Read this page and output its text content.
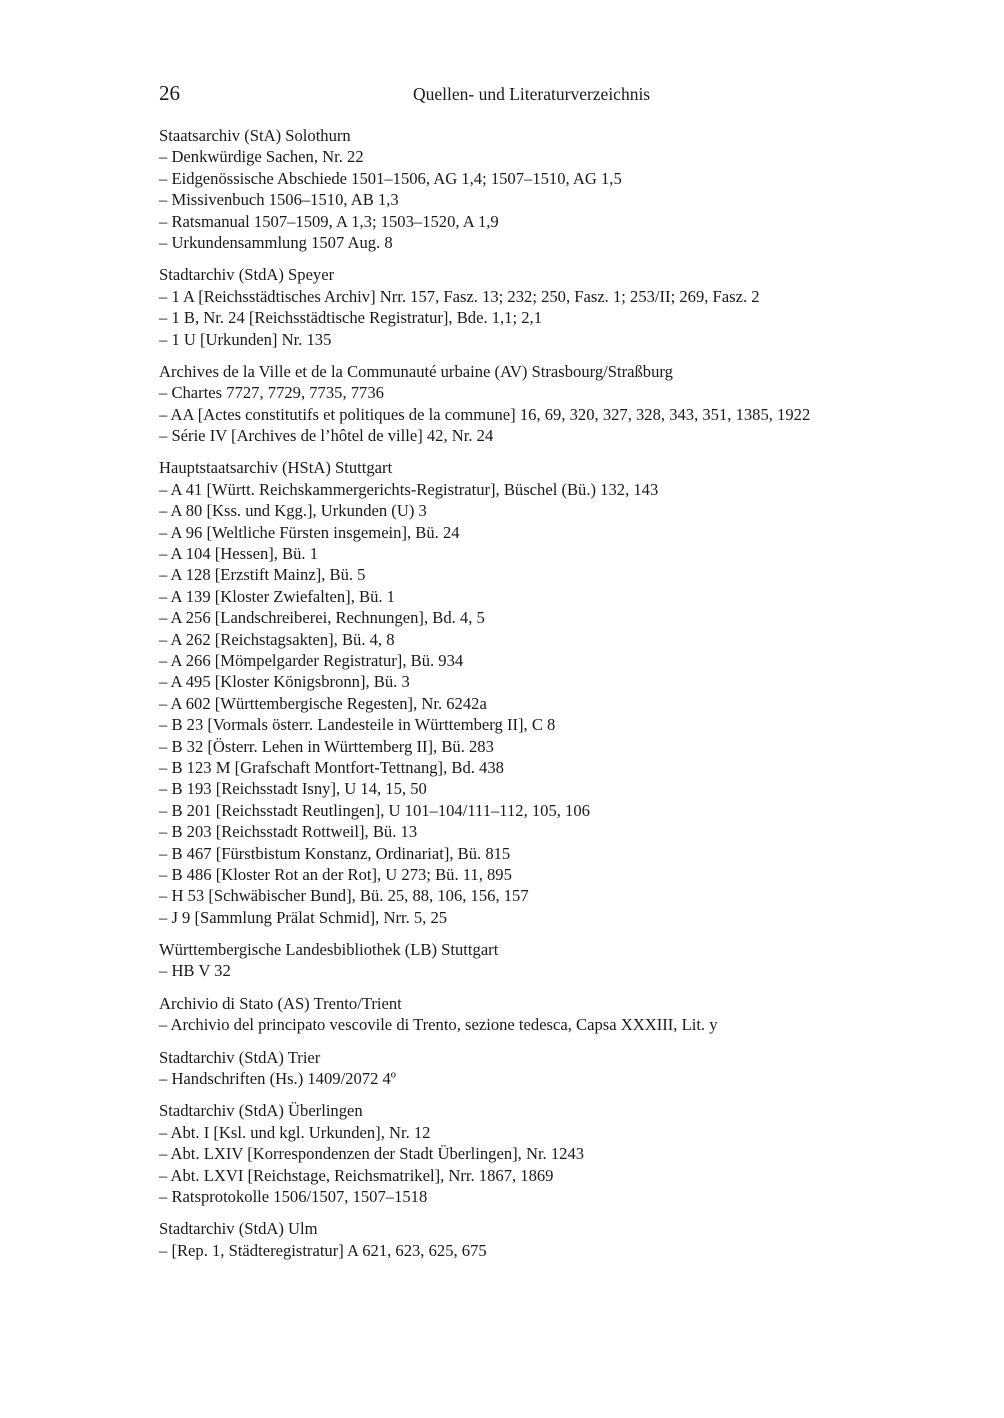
26	Quellen- und Literaturverzeichnis
Staatsarchiv (StA) Solothurn
– Denkwürdige Sachen, Nr. 22
– Eidgenössische Abschiede 1501–1506, AG 1,4; 1507–1510, AG 1,5
– Missivenbuch 1506–1510, AB 1,3
– Ratsmanual 1507–1509, A 1,3; 1503–1520, A 1,9
– Urkundensammlung 1507 Aug. 8
Stadtarchiv (StdA) Speyer
– 1 A [Reichsstädtisches Archiv] Nrr. 157, Fasz. 13; 232; 250, Fasz. 1; 253/II; 269, Fasz. 2
– 1 B, Nr. 24 [Reichsstädtische Registratur], Bde. 1,1; 2,1
– 1 U [Urkunden] Nr. 135
Archives de la Ville et de la Communauté urbaine (AV) Strasbourg/Straßburg
– Chartes 7727, 7729, 7735, 7736
– AA [Actes constitutifs et politiques de la commune] 16, 69, 320, 327, 328, 343, 351, 1385, 1922
– Série IV [Archives de l’hôtel de ville] 42, Nr. 24
Hauptstaatsarchiv (HStA) Stuttgart
– A 41 [Württ. Reichskammergerichts-Registratur], Büschel (Bü.) 132, 143
– A 80 [Kss. und Kgg.], Urkunden (U) 3
– A 96 [Weltliche Fürsten insgemein], Bü. 24
– A 104 [Hessen], Bü. 1
– A 128 [Erzstift Mainz], Bü. 5
– A 139 [Kloster Zwiefalten], Bü. 1
– A 256 [Landschreiberei, Rechnungen], Bd. 4, 5
– A 262 [Reichstagsakten], Bü. 4, 8
– A 266 [Mömpelgarder Registratur], Bü. 934
– A 495 [Kloster Königsbronn], Bü. 3
– A 602 [Württembergische Regesten], Nr. 6242a
– B 23 [Vormals österr. Landesteile in Württemberg II], C 8
– B 32 [Österr. Lehen in Württemberg II], Bü. 283
– B 123 M [Grafschaft Montfort-Tettnang], Bd. 438
– B 193 [Reichsstadt Isny], U 14, 15, 50
– B 201 [Reichsstadt Reutlingen], U 101–104/111–112, 105, 106
– B 203 [Reichsstadt Rottweil], Bü. 13
– B 467 [Fürstbistum Konstanz, Ordinariat], Bü. 815
– B 486 [Kloster Rot an der Rot], U 273; Bü. 11, 895
– H 53 [Schwäbischer Bund], Bü. 25, 88, 106, 156, 157
– J 9 [Sammlung Prälat Schmid], Nrr. 5, 25
Württembergische Landesbibliothek (LB) Stuttgart
– HB V 32
Archivio di Stato (AS) Trento/Trient
– Archivio del principato vescovile di Trento, sezione tedesca, Capsa XXXIII, Lit. y
Stadtarchiv (StdA) Trier
– Handschriften (Hs.) 1409/2072 4º
Stadtarchiv (StdA) Überlingen
– Abt. I [Ksl. und kgl. Urkunden], Nr. 12
– Abt. LXIV [Korrespondenzen der Stadt Überlingen], Nr. 1243
– Abt. LXVI [Reichstage, Reichsmatrikel], Nrr. 1867, 1869
– Ratsprotokolle 1506/1507, 1507–1518
Stadtarchiv (StdA) Ulm
– [Rep. 1, Städteregistratur] A 621, 623, 625, 675
